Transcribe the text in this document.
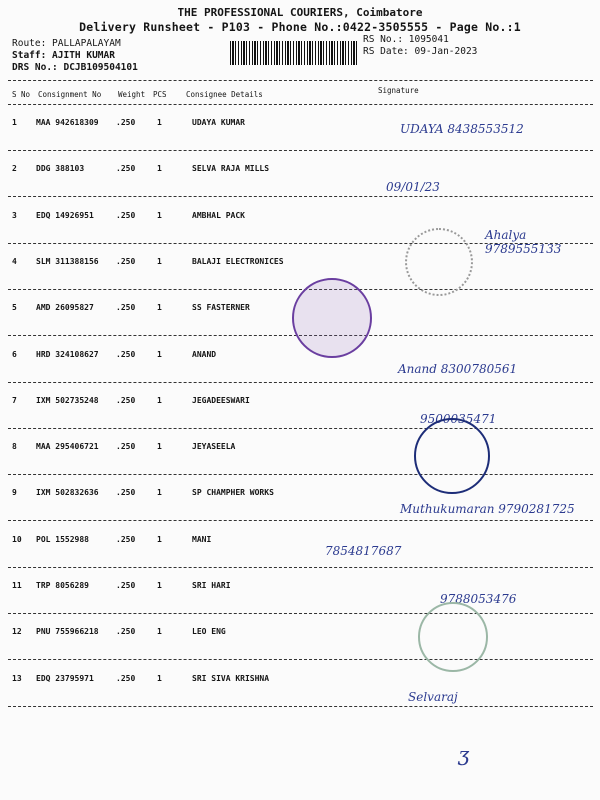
THE PROFESSIONAL COURIERS, Coimbatore
Delivery Runsheet - P103 - Phone No.:0422-3505555 - Page No.:1
Route: PALLAPALAYAM
Staff: AJITH KUMAR
DRS No.: DCJB109504101
RS No.: 1095041
RS Date: 09-Jan-2023
S No Consignment No Weight PCS	Consignee Details	Signature
1 MAA 942618309 .250	1	UDAYA KUMAR	UDAYA 8438553512
2 DDG 388103	.250	1	SELVA RAJA MILLS
09/01/23
3 EDQ 14926951	.250	1	AMBHAL PACK
Ahalya 9789555133
4 SLM 311388156 .250	1	BALAJI ELECTRONICES
5 AMD 26095827	.250	1	SS FASTERNER
6 HRD 324108627 .250	1	ANAND
Anand 8300780561
7 IXM 502735248 .250	1	JEGADEESWARI
9500035471
8 MAA 295406721 .250	1	JEYASEELA
9 IXM 502832636 .250	1	SP CHAMPHER WORKS
Muthukumaran 9790281725
10 POL 1552988	.250	1	MANI
7854817687
11 TRP 8056289	.250	1	SRI HARI
9788053476
12 PNU 755966218 .250	1	LEO ENG
13 EDQ 23795971	.250	1	SRI SIVA KRISHNA
Selvaraj
ʒ
